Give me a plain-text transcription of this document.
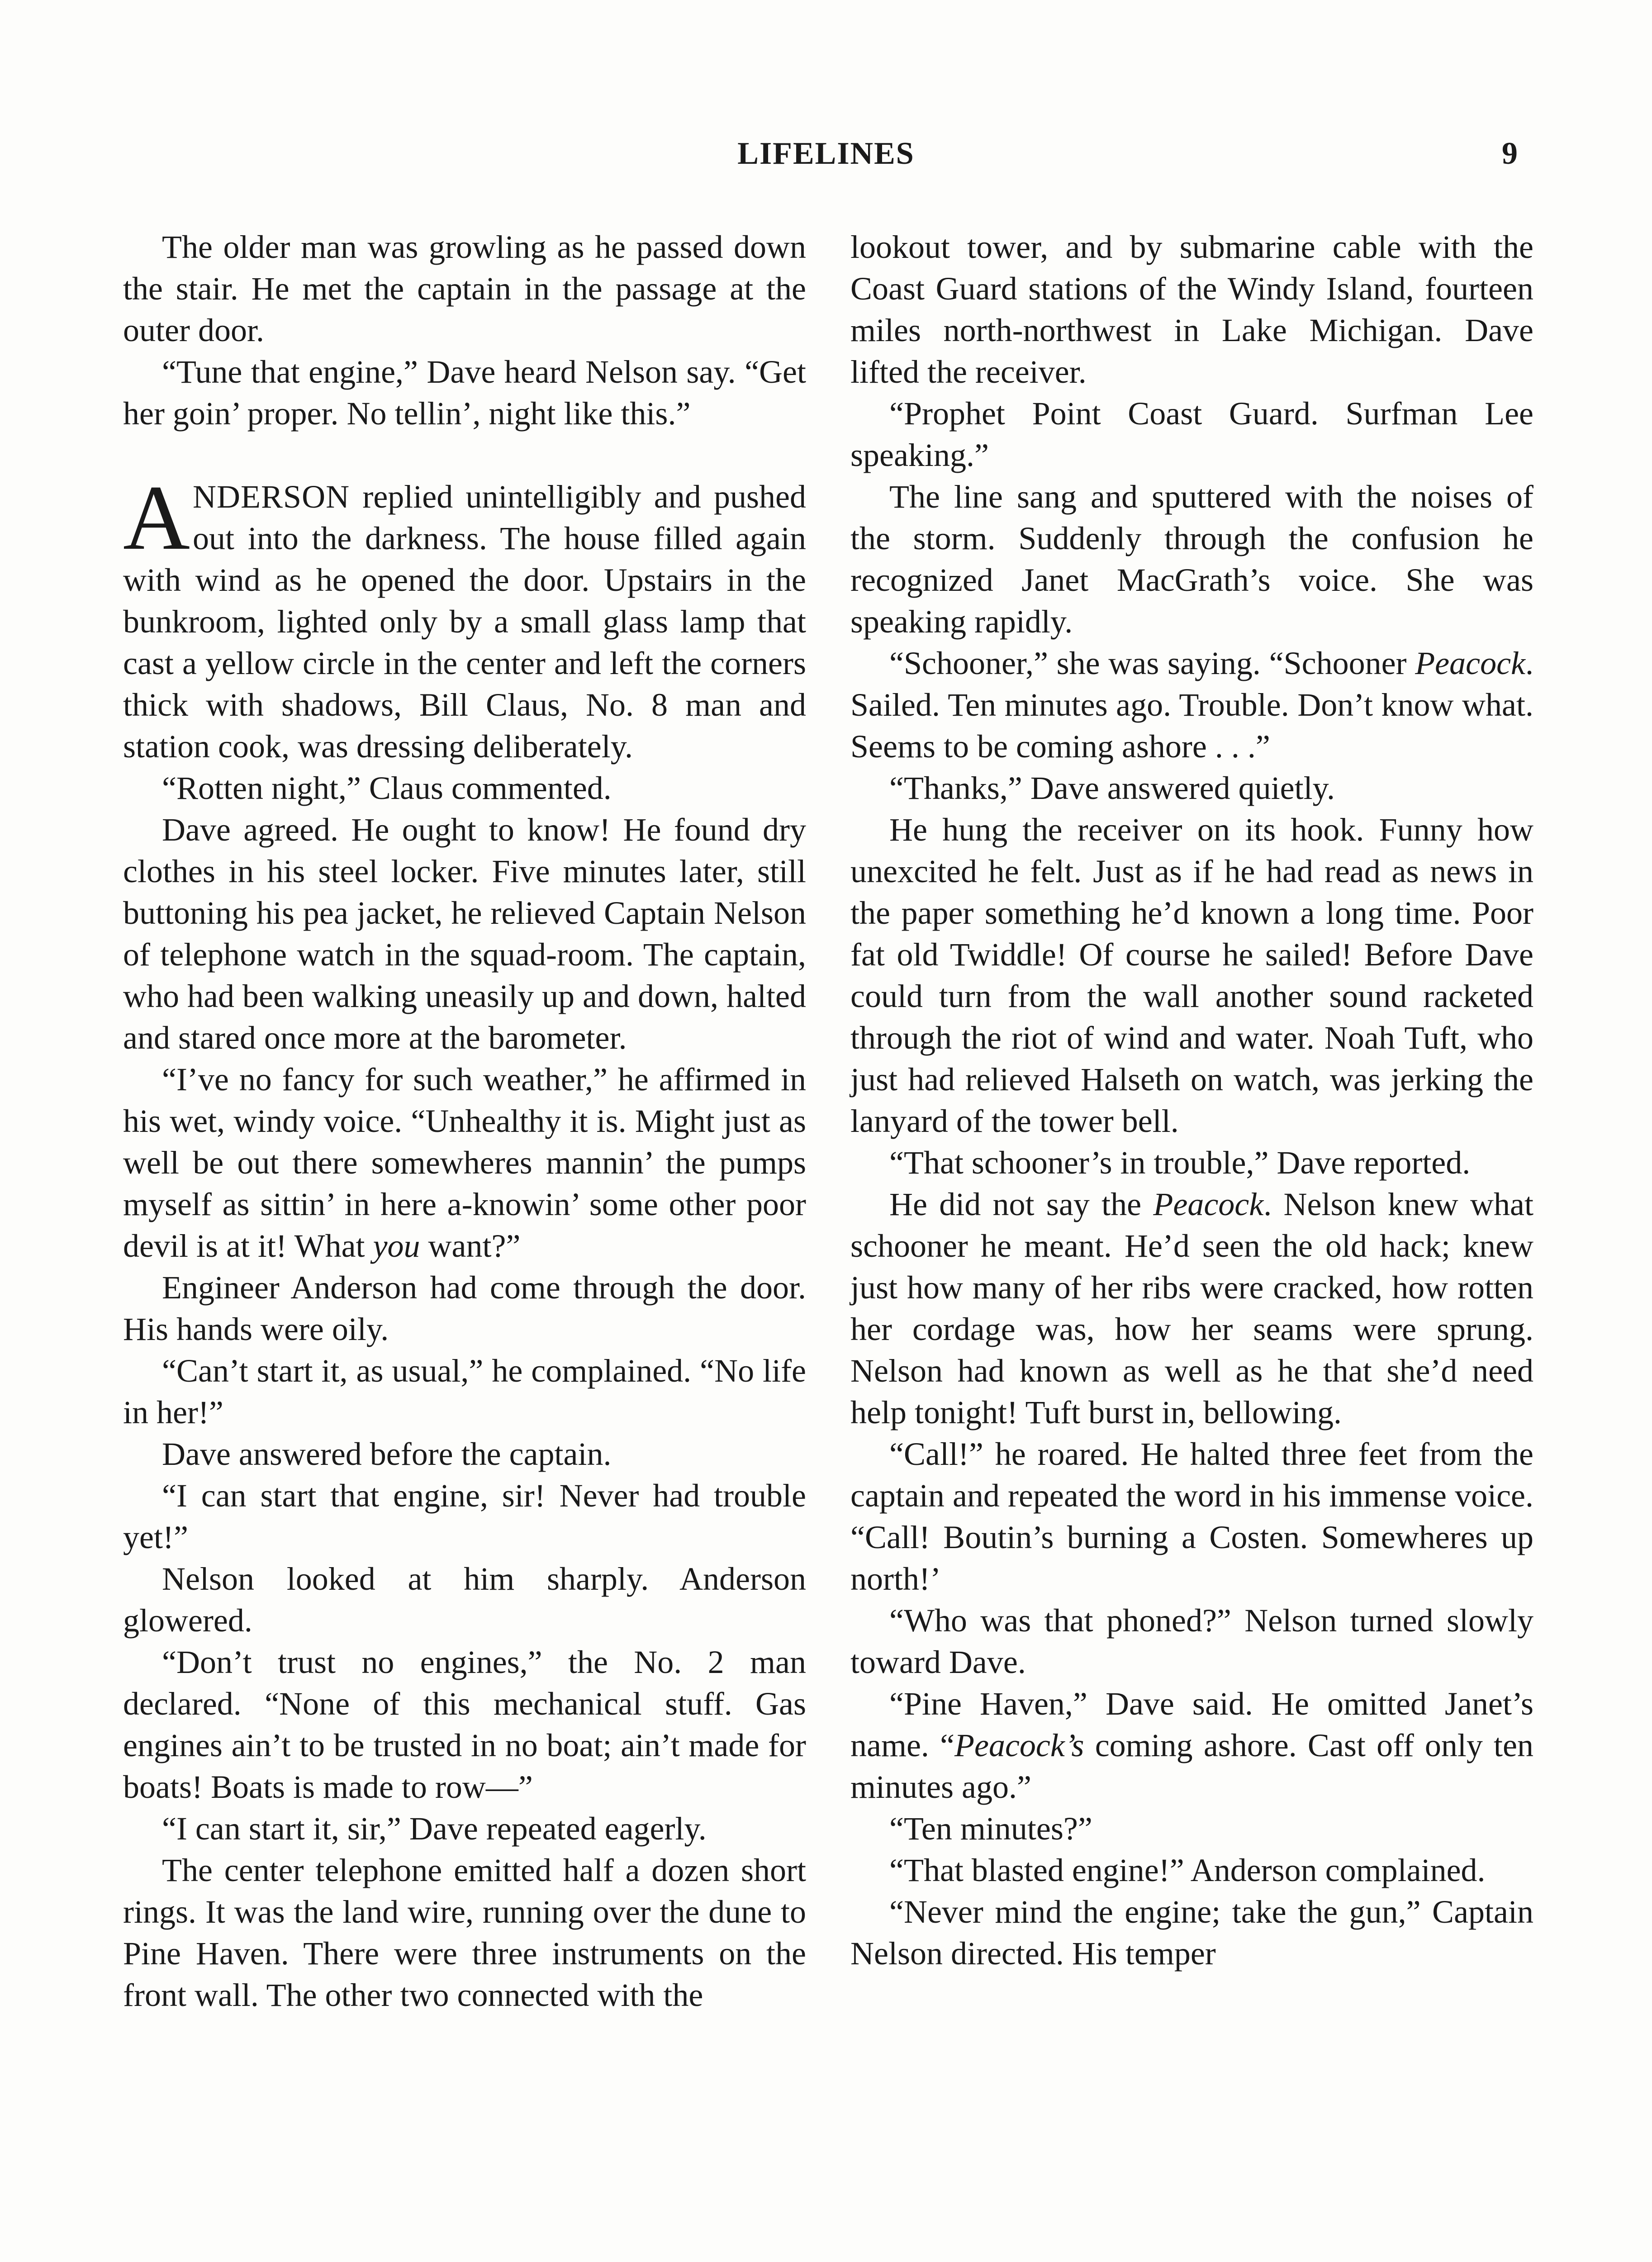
LIFELINES	9

The older man was growling as he passed down the stair. He met the captain in the passage at the outer door.

“Tune that engine,” Dave heard Nelson say. “Get her goin’ proper. No tellin’, night like this.”

ANDERSON replied unintelligibly and pushed out into the darkness. The house filled again with wind as he opened the door. Upstairs in the bunkroom, lighted only by a small glass lamp that cast a yellow circle in the center and left the corners thick with shadows, Bill Claus, No. 8 man and station cook, was dressing deliberately.

“Rotten night,” Claus commented.

Dave agreed. He ought to know! He found dry clothes in his steel locker. Five minutes later, still buttoning his pea jacket, he relieved Captain Nelson of telephone watch in the squad-room. The captain, who had been walking uneasily up and down, halted and stared once more at the barometer.

“I’ve no fancy for such weather,” he affirmed in his wet, windy voice. “Unhealthy it is. Might just as well be out there somewheres mannin’ the pumps myself as sittin’ in here a-knowin’ some other poor devil is at it! What you want?”

Engineer Anderson had come through the door. His hands were oily.

“Can’t start it, as usual,” he complained. “No life in her!”

Dave answered before the captain.

“I can start that engine, sir! Never had trouble yet!”

Nelson looked at him sharply. Anderson glowered.

“Don’t trust no engines,” the No. 2 man declared. “None of this mechanical stuff. Gas engines ain’t to be trusted in no boat; ain’t made for boats! Boats is made to row—”

“I can start it, sir,” Dave repeated eagerly.

The center telephone emitted half a dozen short rings. It was the land wire, running over the dune to Pine Haven. There were three instruments on the front wall. The other two connected with the

lookout tower, and by submarine cable with the Coast Guard stations of the Windy Island, fourteen miles north-northwest in Lake Michigan. Dave lifted the receiver.

“Prophet Point Coast Guard. Surfman Lee speaking.”

The line sang and sputtered with the noises of the storm. Suddenly through the confusion he recognized Janet MacGrath’s voice. She was speaking rapidly.

“Schooner,” she was saying. “Schooner Peacock. Sailed. Ten minutes ago. Trouble. Don’t know what. Seems to be coming ashore . . .”

“Thanks,” Dave answered quietly.

He hung the receiver on its hook. Funny how unexcited he felt. Just as if he had read as news in the paper something he’d known a long time. Poor fat old Twiddle! Of course he sailed! Before Dave could turn from the wall another sound racketed through the riot of wind and water. Noah Tuft, who just had relieved Halseth on watch, was jerking the lanyard of the tower bell.

“That schooner’s in trouble,” Dave reported.

He did not say the Peacock. Nelson knew what schooner he meant. He’d seen the old hack; knew just how many of her ribs were cracked, how rotten her cordage was, how her seams were sprung. Nelson had known as well as he that she’d need help tonight! Tuft burst in, bellowing.

“Call!” he roared. He halted three feet from the captain and repeated the word in his immense voice. “Call! Boutin’s burning a Costen. Somewheres up north!’

“Who was that phoned?” Nelson turned slowly toward Dave.

“Pine Haven,” Dave said. He omitted Janet’s name. “Peacock’s coming ashore. Cast off only ten minutes ago.”

“Ten minutes?”

“That blasted engine!” Anderson complained.

“Never mind the engine; take the gun,” Captain Nelson directed. His temper
